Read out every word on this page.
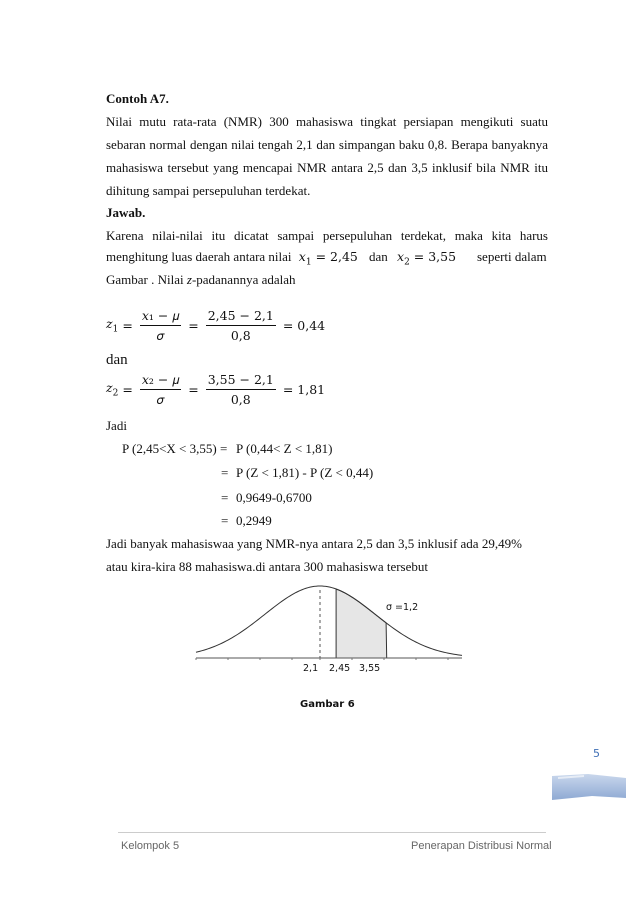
Contoh A7.
Nilai mutu rata-rata (NMR) 300 mahasiswa tingkat persiapan mengikuti suatu
sebaran normal dengan nilai tengah 2,1 dan simpangan baku 0,8. Berapa banyaknya
mahasiswa tersebut yang mencapai NMR antara 2,5 dan 3,5 inklusif bila NMR itu
dihitung sampai persepuluhan terdekat.
Jawab.
Karena nilai-nilai itu dicatat sampai persepuluhan terdekat, maka kita harus
menghitung luas daerah antara nilai $x_1 = 2,45$ dan $x_2 = 3,55$ seperti dalam
Gambar . Nilai z-padanannya adalah
$z_1 = \frac{\text{𝑥₁ − 𝜇}}{\text{𝜎}} = \frac{2,45 - 2,1}{0,8} = 0,44$
dan
$z_2 = \frac{\text{𝑥₂ − 𝜇}}{\text{𝜎}} = \frac{3,55 - 2,1}{0,8} = 1,81$
Jadi
P (2,45<X < 3,55) = P (0,44< Z < 1,81)
= P (Z < 1,81) - P (Z < 0,44)
= 0,9649-0,6700
= 0,2949
Jadi banyak mahasiswaa yang NMR-nya antara 2,5 dan 3,5 inklusif ada 29,49%
atau kira-kira 88 mahasiswa.di antara 300 mahasiswa tersebut
σ =1,2
2,1 2,45 3,55
Gambar 6
5
Kelompok 5	Penerapan Distribusi Normal
